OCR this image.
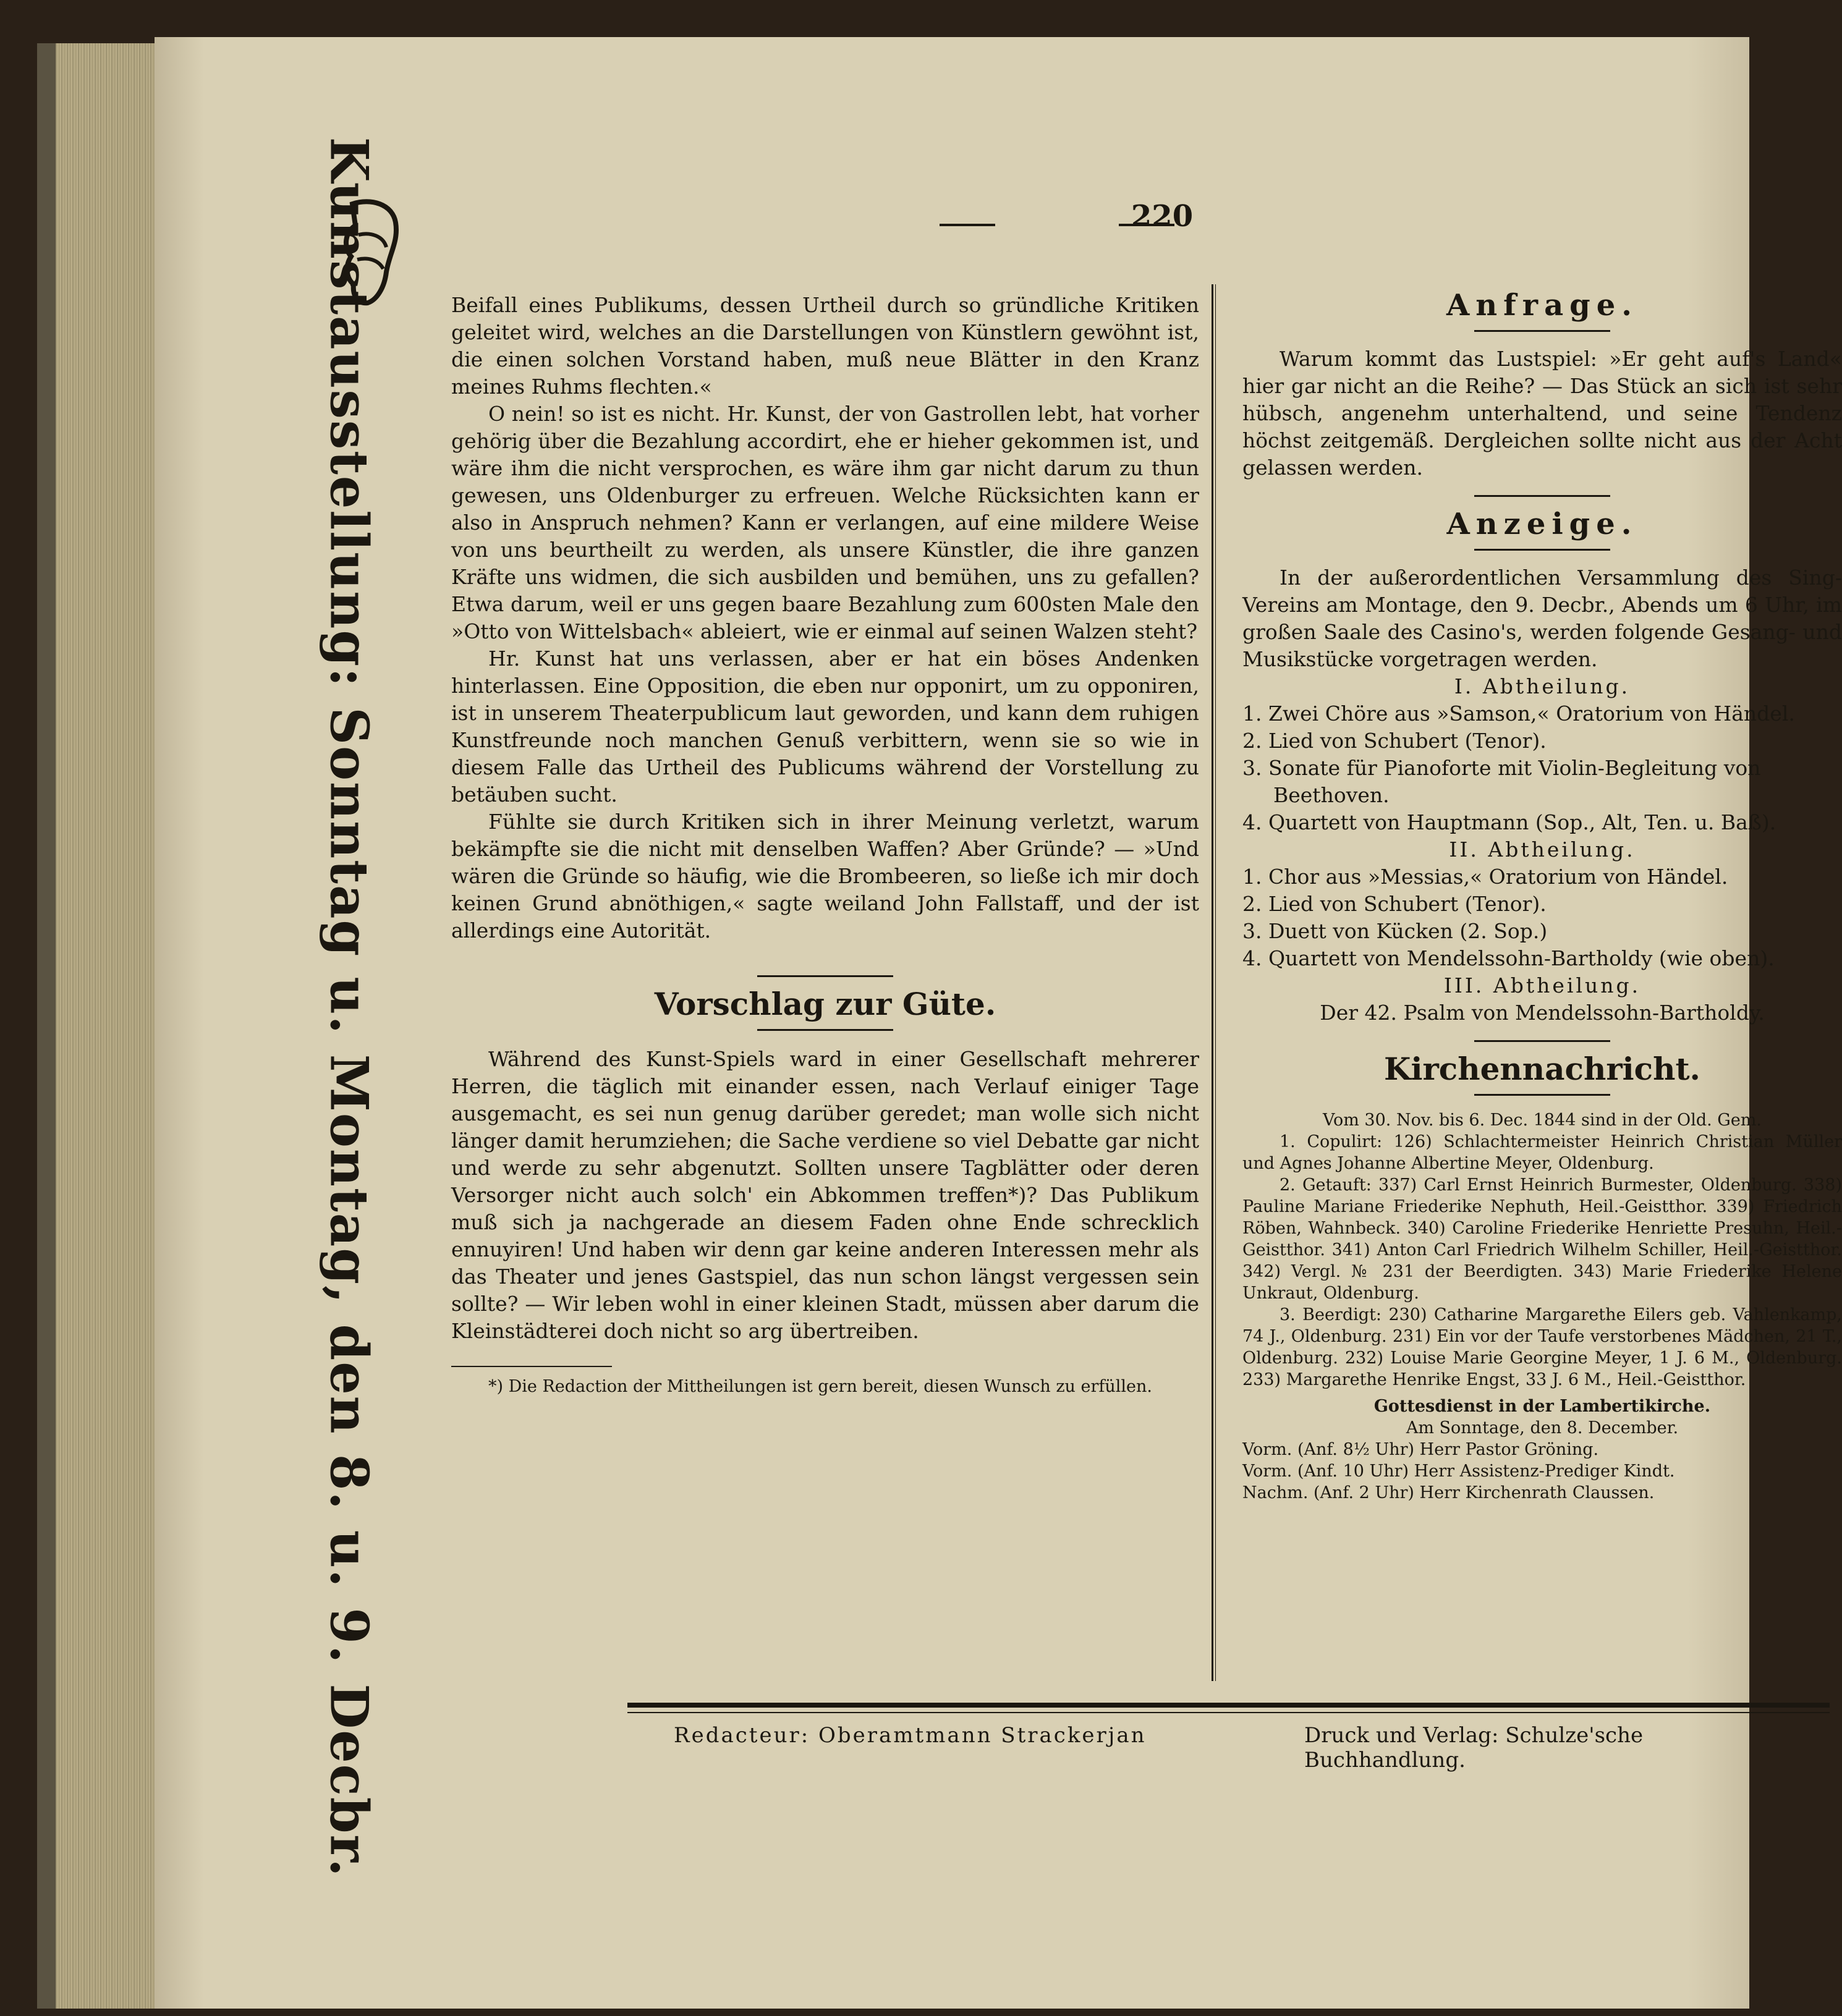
220
Kunstausstellung: Sonntag u. Montag, den 8. u. 9. Decbr.	Beifall eines Publikums, dessen Urtheil durch so gründliche Kritiken geleitet wird, welches an die Darstellungen von Künstlern gewöhnt ist, die einen solchen Vorstand haben, muß neue Blätter in den Kranz meines Ruhms flechten.«

O nein! so ist es nicht. Hr. Kunst, der von Gastrollen lebt, hat vorher gehörig über die Bezahlung accordirt, ehe er hieher gekommen ist, und wäre ihm die nicht versprochen, es wäre ihm gar nicht darum zu thun gewesen, uns Oldenburger zu erfreuen. Welche Rücksichten kann er also in Anspruch nehmen? Kann er verlangen, auf eine mildere Weise von uns beurtheilt zu werden, als unsere Künstler, die ihre ganzen Kräfte uns widmen, die sich ausbilden und bemühen, uns zu gefallen? Etwa darum, weil er uns gegen baare Bezahlung zum 600sten Male den »Otto von Wittelsbach« ableiert, wie er einmal auf seinen Walzen steht?

Hr. Kunst hat uns verlassen, aber er hat ein böses Andenken hinterlassen. Eine Opposition, die eben nur opponirt, um zu opponiren, ist in unserem Theaterpublicum laut geworden, und kann dem ruhigen Kunstfreunde noch manchen Genuß verbittern, wenn sie so wie in diesem Falle das Urtheil des Publicums während der Vorstellung zu betäuben sucht.

Fühlte sie durch Kritiken sich in ihrer Meinung verletzt, warum bekämpfte sie die nicht mit denselben Waffen? Aber Gründe? — »Und wären die Gründe so häufig, wie die Brombeeren, so ließe ich mir doch keinen Grund abnöthigen,« sagte weiland John Fallstaff, und der ist allerdings eine Autorität.

Vorschlag zur Güte.

Während des Kunst-Spiels ward in einer Gesellschaft mehrerer Herren, die täglich mit einander essen, nach Verlauf einiger Tage ausgemacht, es sei nun genug darüber geredet; man wolle sich nicht länger damit herumziehen; die Sache verdiene so viel Debatte gar nicht und werde zu sehr abgenutzt. Sollten unsere Tagblätter oder deren Versorger nicht auch solch' ein Abkommen treffen*)? Das Publikum muß sich ja nachgerade an diesem Faden ohne Ende schrecklich ennuyiren! Und haben wir denn gar keine anderen Interessen mehr als das Theater und jenes Gastspiel, das nun schon längst vergessen sein sollte? — Wir leben wohl in einer kleinen Stadt, müssen aber darum die Kleinstädterei doch nicht so arg übertreiben.

*) Die Redaction der Mittheilungen ist gern bereit, diesen Wunsch zu erfüllen.

Anfrage.

Warum kommt das Lustspiel: »Er geht auf's Land« hier gar nicht an die Reihe? — Das Stück an sich ist sehr hübsch, angenehm unterhaltend, und seine Tendenz höchst zeitgemäß. Dergleichen sollte nicht aus der Acht gelassen werden.

Anzeige.

In der außerordentlichen Versammlung des Sing-Vereins am Montage, den 9. Decbr., Abends um 6 Uhr, im großen Saale des Casino's, werden folgende Gesang- und Musikstücke vorgetragen werden.

I. Abtheilung.

1. Zwei Chöre aus »Samson,« Oratorium von Händel.

2. Lied von Schubert (Tenor).

3. Sonate für Pianoforte mit Violin-Begleitung von Beethoven.

4. Quartett von Hauptmann (Sop., Alt, Ten. u. Baß).

II. Abtheilung.

1. Chor aus »Messias,« Oratorium von Händel.

2. Lied von Schubert (Tenor).

3. Duett von Kücken (2. Sop.)

4. Quartett von Mendelssohn-Bartholdy (wie oben).

III. Abtheilung.

Der 42. Psalm von Mendelssohn-Bartholdy.

Kirchennachricht.

Vom 30. Nov. bis 6. Dec. 1844 sind in der Old. Gem.

1. Copulirt: 126) Schlachtermeister Heinrich Christian Müller und Agnes Johanne Albertine Meyer, Oldenburg.

2. Getauft: 337) Carl Ernst Heinrich Burmester, Oldenburg. 338) Pauline Mariane Friederike Nephuth, Heil.-Geistthor. 339) Friedrich Röben, Wahnbeck. 340) Caroline Friederike Henriette Presuhn, Heil.-Geistthor. 341) Anton Carl Friedrich Wilhelm Schiller, Heil.-Geistthor. 342) Vergl. № 231 der Beerdigten. 343) Marie Friederike Helene Unkraut, Oldenburg.

3. Beerdigt: 230) Catharine Margarethe Eilers geb. Vahlenkamp, 74 J., Oldenburg. 231) Ein vor der Taufe verstorbenes Mädchen, 21 T., Oldenburg. 232) Louise Marie Georgine Meyer, 1 J. 6 M., Oldenburg. 233) Margarethe Henrike Engst, 33 J. 6 M., Heil.-Geistthor.

Gottesdienst in der Lambertikirche.

Am Sonntage, den 8. December.

Vorm. (Anf. 8½ Uhr) Herr Pastor Gröning.

Vorm. (Anf. 10 Uhr) Herr Assistenz-Prediger Kindt.

Nachm. (Anf. 2 Uhr) Herr Kirchenrath Claussen.

Redacteur: Oberamtmann Strackerjan	Druck und Verlag: Schulze'sche Buchhandlung.
